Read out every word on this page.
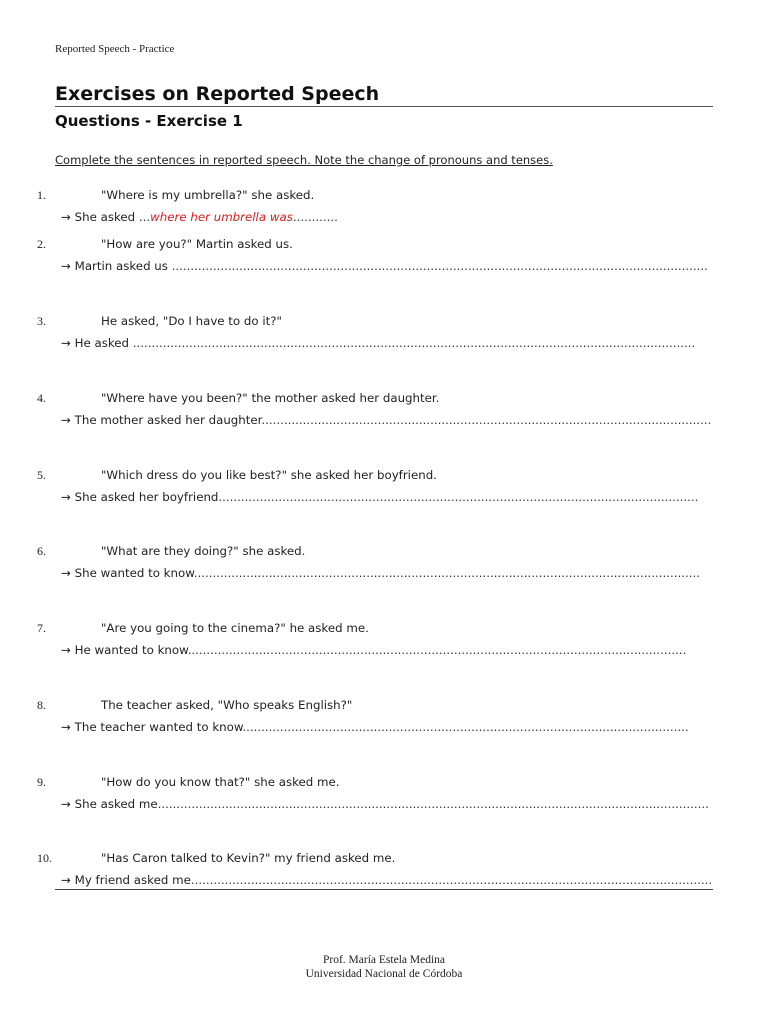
Reported Speech - Practice
Exercises on Reported Speech
Questions - Exercise 1
Complete the sentences in reported speech. Note the change of pronouns and tenses.
1.	"Where is my umbrella?" she asked.
→ She asked ...where her umbrella was............
2.	"How are you?" Martin asked us.
→ Martin asked us ...............................................................................................................................................
3.	He asked, "Do I have to do it?"
→ He asked ......................................................................................................................................................
4.	"Where have you been?" the mother asked her daughter.
→ The mother asked her daughter........................................................................................................................
5.	"Which dress do you like best?" she asked her boyfriend.
→ She asked her boyfriend................................................................................................................................
6.	"What are they doing?" she asked.
→ She wanted to know.......................................................................................................................................
7.	"Are you going to the cinema?" he asked me.
→ He wanted to know.....................................................................................................................................
8.	The teacher asked, "Who speaks English?"
→ The teacher wanted to know.......................................................................................................................
9.	"How do you know that?" she asked me.
→ She asked me...................................................................................................................................................
10.	"Has Caron talked to Kevin?" my friend asked me.
→ My friend asked me...........................................................................................................................................
Prof. María Estela Medina
Universidad Nacional de Córdoba
